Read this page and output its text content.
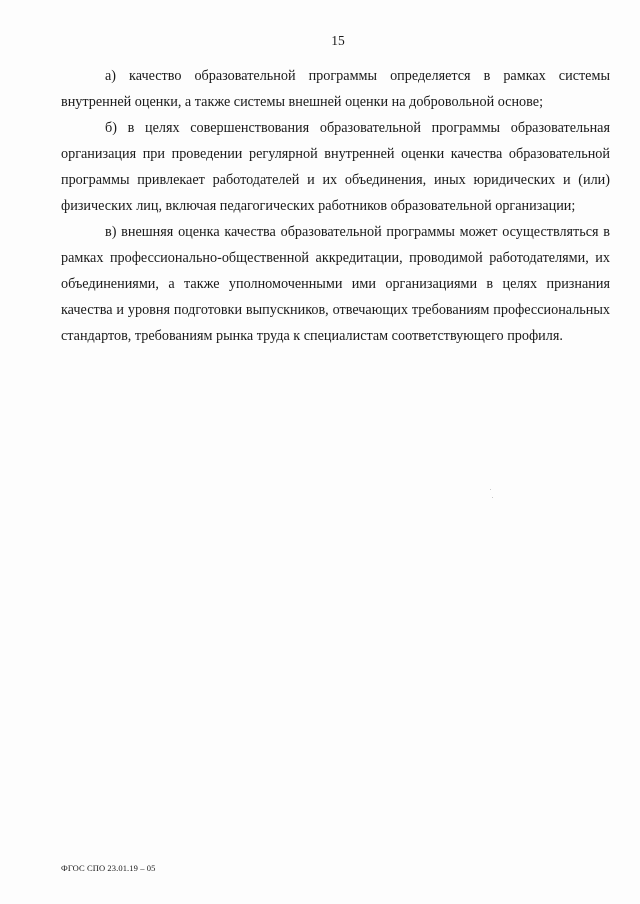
15

а) качество образовательной программы определяется в рамках системы внутренней оценки, а также системы внешней оценки на добровольной основе;

б) в целях совершенствования образовательной программы образовательная организация при проведении регулярной внутренней оценки качества образовательной программы привлекает работодателей и их объединения, иных юридических и (или) физических лиц, включая педагогических работников образовательной организации;

в) внешняя оценка качества образовательной программы может осуществляться в рамках профессионально-общественной аккредитации, проводимой работодателями, их объединениями, а также уполномоченными ими организациями в целях признания качества и уровня подготовки выпускников, отвечающих требованиям профессиональных стандартов, требованиям рынка труда к специалистам соответствующего профиля.

ФГОС СПО 23.01.19 – 05
